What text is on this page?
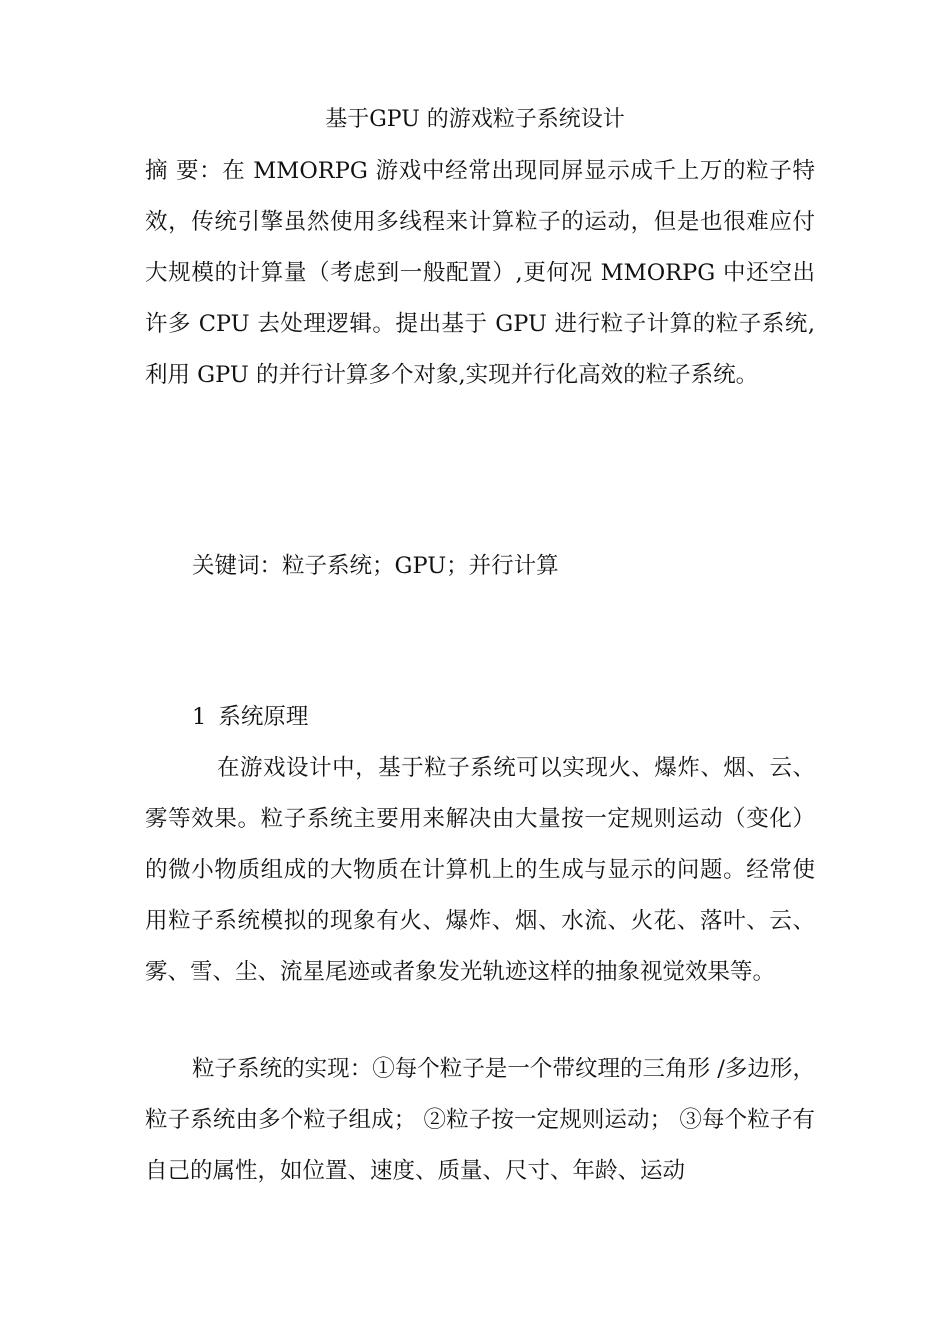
基于GPU 的游戏粒子系统设计

摘 要：在 MMORPG 游戏中经常出现同屏显示成千上万的粒子特效，传统引擎虽然使用多线程来计算粒子的运动，但是也很难应付大规模的计算量（考虑到一般配置）,更何况 MMORPG 中还空出许多 CPU 去处理逻辑。提出基于 GPU 进行粒子计算的粒子系统,利用 GPU 的并行计算多个对象,实现并行化高效的粒子系统。

关键词：粒子系统；GPU；并行计算
1 系统原理

在游戏设计中，基于粒子系统可以实现火、爆炸、烟、云、雾等效果。粒子系统主要用来解决由大量按一定规则运动（变化）的微小物质组成的大物质在计算机上的生成与显示的问题。经常使用粒子系统模拟的现象有火、爆炸、烟、水流、火花、落叶、云、雾、雪、尘、流星尾迹或者象发光轨迹这样的抽象视觉效果等。

粒子系统的实现：①每个粒子是一个带纹理的三角形 /多边形，粒子系统由多个粒子组成； ②粒子按一定规则运动； ③每个粒子有自己的属性，如位置、速度、质量、尺寸、年龄、运动
